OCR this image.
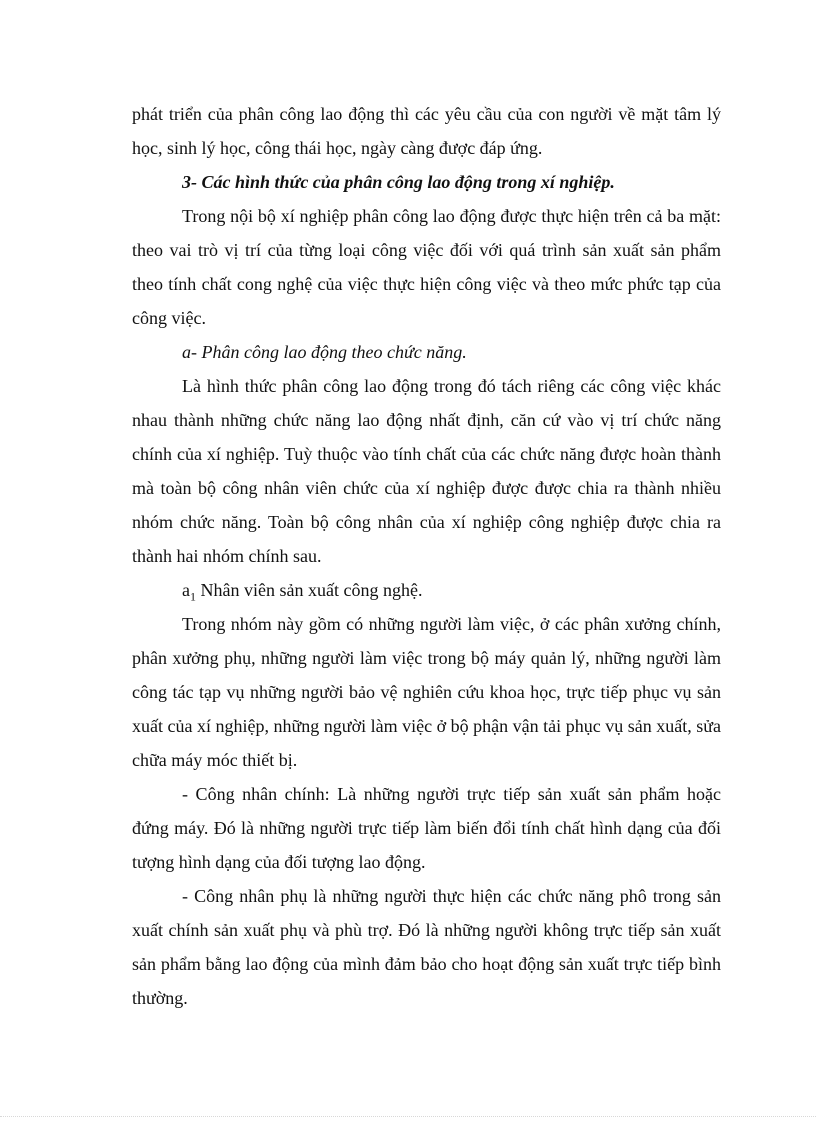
phát triển của phân công lao động thì các yêu cầu của con người về mặt tâm lý học, sinh lý học, công thái học, ngày càng được đáp ứng.

3- Các hình thức của phân công lao động trong xí nghiệp.

Trong nội bộ xí nghiệp phân công lao động được thực hiện trên cả ba mặt: theo vai trò vị trí của từng loại công việc đối với quá trình sản xuất sản phẩm theo tính chất cong nghệ của việc thực hiện công việc và theo mức phức tạp của công việc.

a- Phân công lao động theo chức năng.

Là hình thức phân công lao động trong đó tách riêng các công việc khác nhau thành những chức năng lao động nhất định, căn cứ vào vị trí chức năng chính của xí nghiệp. Tuỳ thuộc vào tính chất của các chức năng được hoàn thành mà toàn bộ công nhân viên chức của xí nghiệp được được chia ra thành nhiều nhóm chức năng. Toàn bộ công nhân của xí nghiệp công nghiệp được chia ra thành hai nhóm chính sau.

$a_1$ Nhân viên sản xuất công nghệ.

Trong nhóm này gồm có những người làm việc, ở các phân xưởng chính, phân xưởng phụ, những người làm việc trong bộ máy quản lý, những người làm công tác tạp vụ những người bảo vệ nghiên cứu khoa học, trực tiếp phục vụ sản xuất của xí nghiệp, những người làm việc ở bộ phận vận tải phục vụ sản xuất, sửa chữa máy móc thiết bị.

- Công nhân chính: Là những người trực tiếp sản xuất sản phẩm hoặc đứng máy. Đó là những người trực tiếp làm biến đổi tính chất hình dạng của đối tượng hình dạng của đối tượng lao động.

- Công nhân phụ là những người thực hiện các chức năng phô trong sản xuất chính sản xuất phụ và phù trợ. Đó là những người không trực tiếp sản xuất sản phẩm bằng lao động của mình đảm bảo cho hoạt động sản xuất trực tiếp bình thường.
